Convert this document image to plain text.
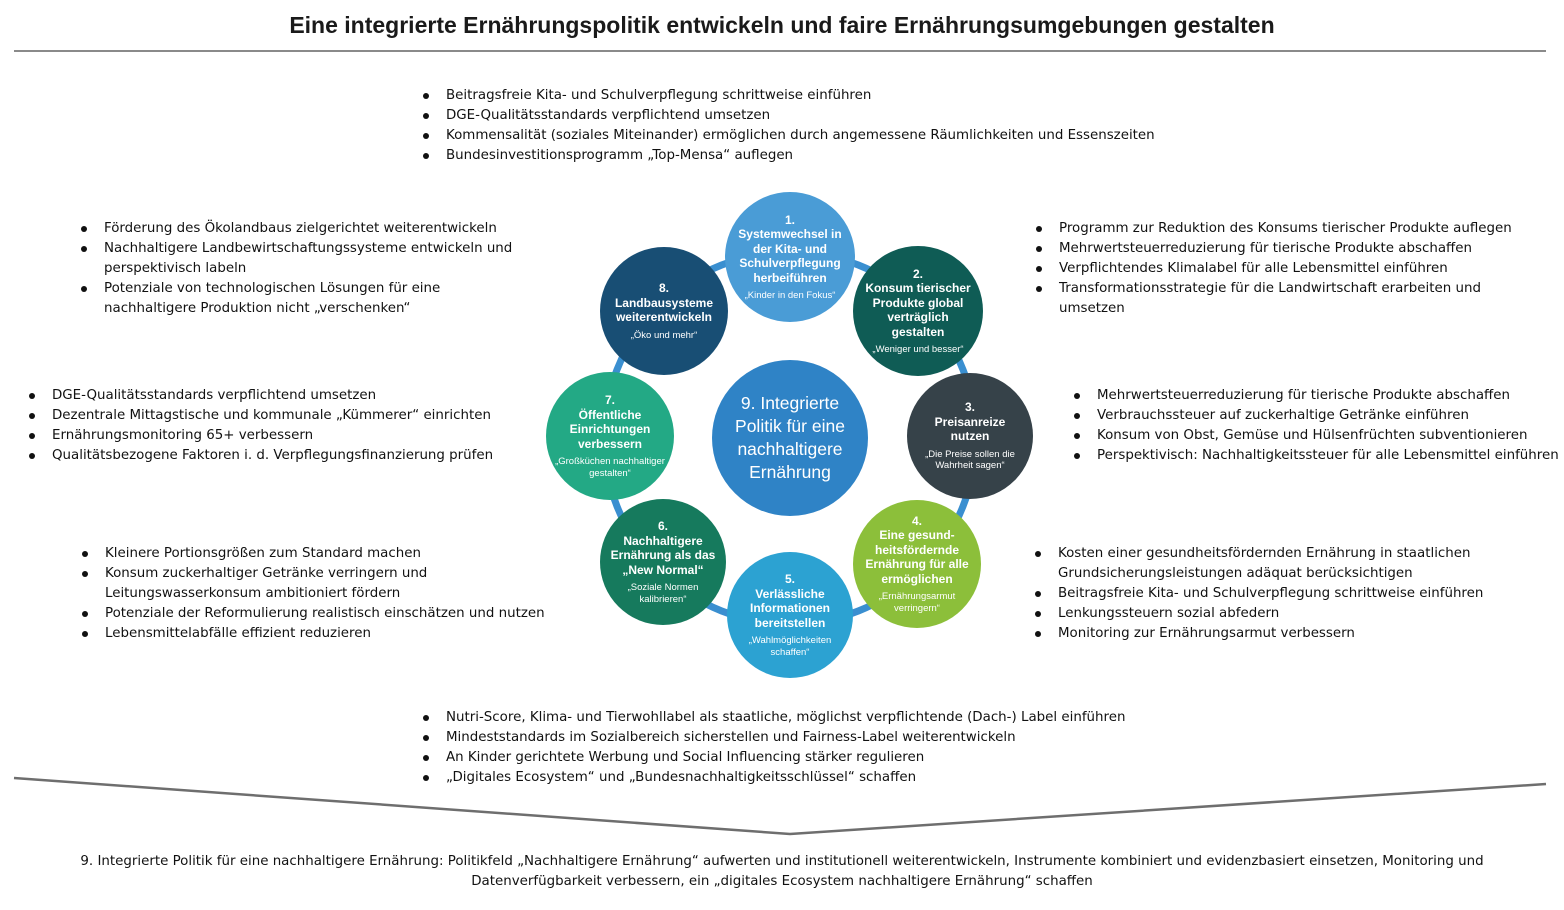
Eine integrierte Ernährungspolitik entwickeln und faire Ernährungsumgebungen gestalten
Beitragsfreie Kita- und Schulverpflegung schrittweise einführen
DGE-Qualitätsstandards verpflichtend umsetzen
Kommensalität (soziales Miteinander) ermöglichen durch angemessene Räumlichkeiten und Essenszeiten
Bundesinvestitionsprogramm „Top-Mensa“ auflegen
Förderung des Ökolandbaus zielgerichtet weiterentwickeln
Nachhaltigere Landbewirtschaftungssysteme entwickeln und perspektivisch labeln
Potenziale von technologischen Lösungen für eine nachhaltigere Produktion nicht „verschenken“
Programm zur Reduktion des Konsums tierischer Produkte auflegen
Mehrwertsteuerreduzierung für tierische Produkte abschaffen
Verpflichtendes Klimalabel für alle Lebensmittel einführen
Transformationsstrategie für die Landwirtschaft erarbeiten und umsetzen
DGE-Qualitätsstandards verpflichtend umsetzen
Dezentrale Mittagstische und kommunale „Kümmerer“ einrichten
Ernährungsmonitoring 65+ verbessern
Qualitätsbezogene Faktoren i. d. Verpflegungsfinanzierung prüfen
Mehrwertsteuerreduzierung für tierische Produkte abschaffen
Verbrauchssteuer auf zuckerhaltige Getränke einführen
Konsum von Obst, Gemüse und Hülsenfrüchten subventionieren
Perspektivisch: Nachhaltigkeitssteuer für alle Lebensmittel einführen
Kleinere Portionsgrößen zum Standard machen
Konsum zuckerhaltiger Getränke verringern und Leitungswasserkonsum ambitioniert fördern
Potenziale der Reformulierung realistisch einschätzen und nutzen
Lebensmittelabfälle effizient reduzieren
Kosten einer gesundheitsfördernden Ernährung in staatlichen Grundsicherungsleistungen adäquat berücksichtigen
Beitragsfreie Kita- und Schulverpflegung schrittweise einführen
Lenkungssteuern sozial abfedern
Monitoring zur Ernährungsarmut verbessern
Nutri-Score, Klima- und Tierwohllabel als staatliche, möglichst verpflichtende (Dach-) Label einführen
Mindeststandards im Sozialbereich sicherstellen und Fairness-Label weiterentwickeln
An Kinder gerichtete Werbung und Social Influencing stärker regulieren
„Digitales Ecosystem“ und „Bundesnachhaltigkeitsschlüssel“ schaffen
9. Integrierte Politik für eine nachhaltigere Ernährung
1.
Systemwechsel in der Kita- und Schulverpflegung herbeiführen
„Kinder in den Fokus“
2.
Konsum tierischer Produkte global verträglich gestalten
„Weniger und besser“
3.
Preisanreize nutzen
„Die Preise sollen die Wahrheit sagen“
4.
Eine gesund-heitsfördernde Ernährung für alle ermöglichen
„Ernährungsarmut verringern“
5.
Verlässliche Informationen bereitstellen
„Wahlmöglichkeiten schaffen“
6.
Nachhaltigere Ernährung als das „New Normal“
„Soziale Normen kalibrieren“
7.
Öffentliche Einrichtungen verbessern
„Großküchen nachhaltiger gestalten“
8.
Landbausysteme weiterentwickeln
„Öko und mehr“
9. Integrierte Politik für eine nachhaltigere Ernährung: Politikfeld „Nachhaltigere Ernährung“ aufwerten und institutionell weiterentwickeln, Instrumente kombiniert und evidenzbasiert einsetzen, Monitoring und Datenverfügbarkeit verbessern, ein „digitales Ecosystem nachhaltigere Ernährung“ schaffen
